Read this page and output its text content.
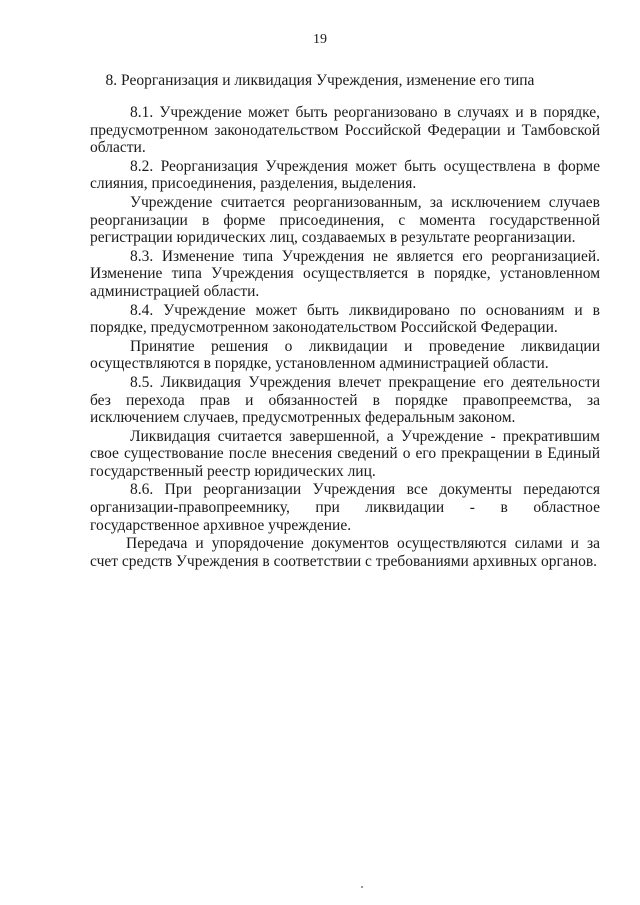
19
8. Реорганизация и ликвидация Учреждения, изменение его типа

8.1. Учреждение может быть реорганизовано в случаях и в порядке, предусмотренном законодательством Российской Федерации и Тамбовской области.

8.2. Реорганизация Учреждения может быть осуществлена в форме слияния, присоединения, разделения, выделения.

Учреждение считается реорганизованным, за исключением случаев реорганизации в форме присоединения, с момента государственной регистрации юридических лиц, создаваемых в результате реорганизации.

8.3. Изменение типа Учреждения не является его реорганизацией. Изменение типа Учреждения осуществляется в порядке, установленном администрацией области.

8.4. Учреждение может быть ликвидировано по основаниям и в порядке, предусмотренном законодательством Российской Федерации.

Принятие решения о ликвидации и проведение ликвидации осуществляются в порядке, установленном администрацией области.

8.5. Ликвидация Учреждения влечет прекращение его деятельности без перехода прав и обязанностей в порядке правопреемства, за исключением случаев, предусмотренных федеральным законом.

Ликвидация считается завершенной, а Учреждение - прекратившим свое существование после внесения сведений о его прекращении в Единый государственный реестр юридических лиц.

8.6. При реорганизации Учреждения все документы передаются организации-правопреемнику, при ликвидации - в областное государственное архивное учреждение.

Передача и упорядочение документов осуществляются силами и за счет средств Учреждения в соответствии с требованиями архивных органов.
